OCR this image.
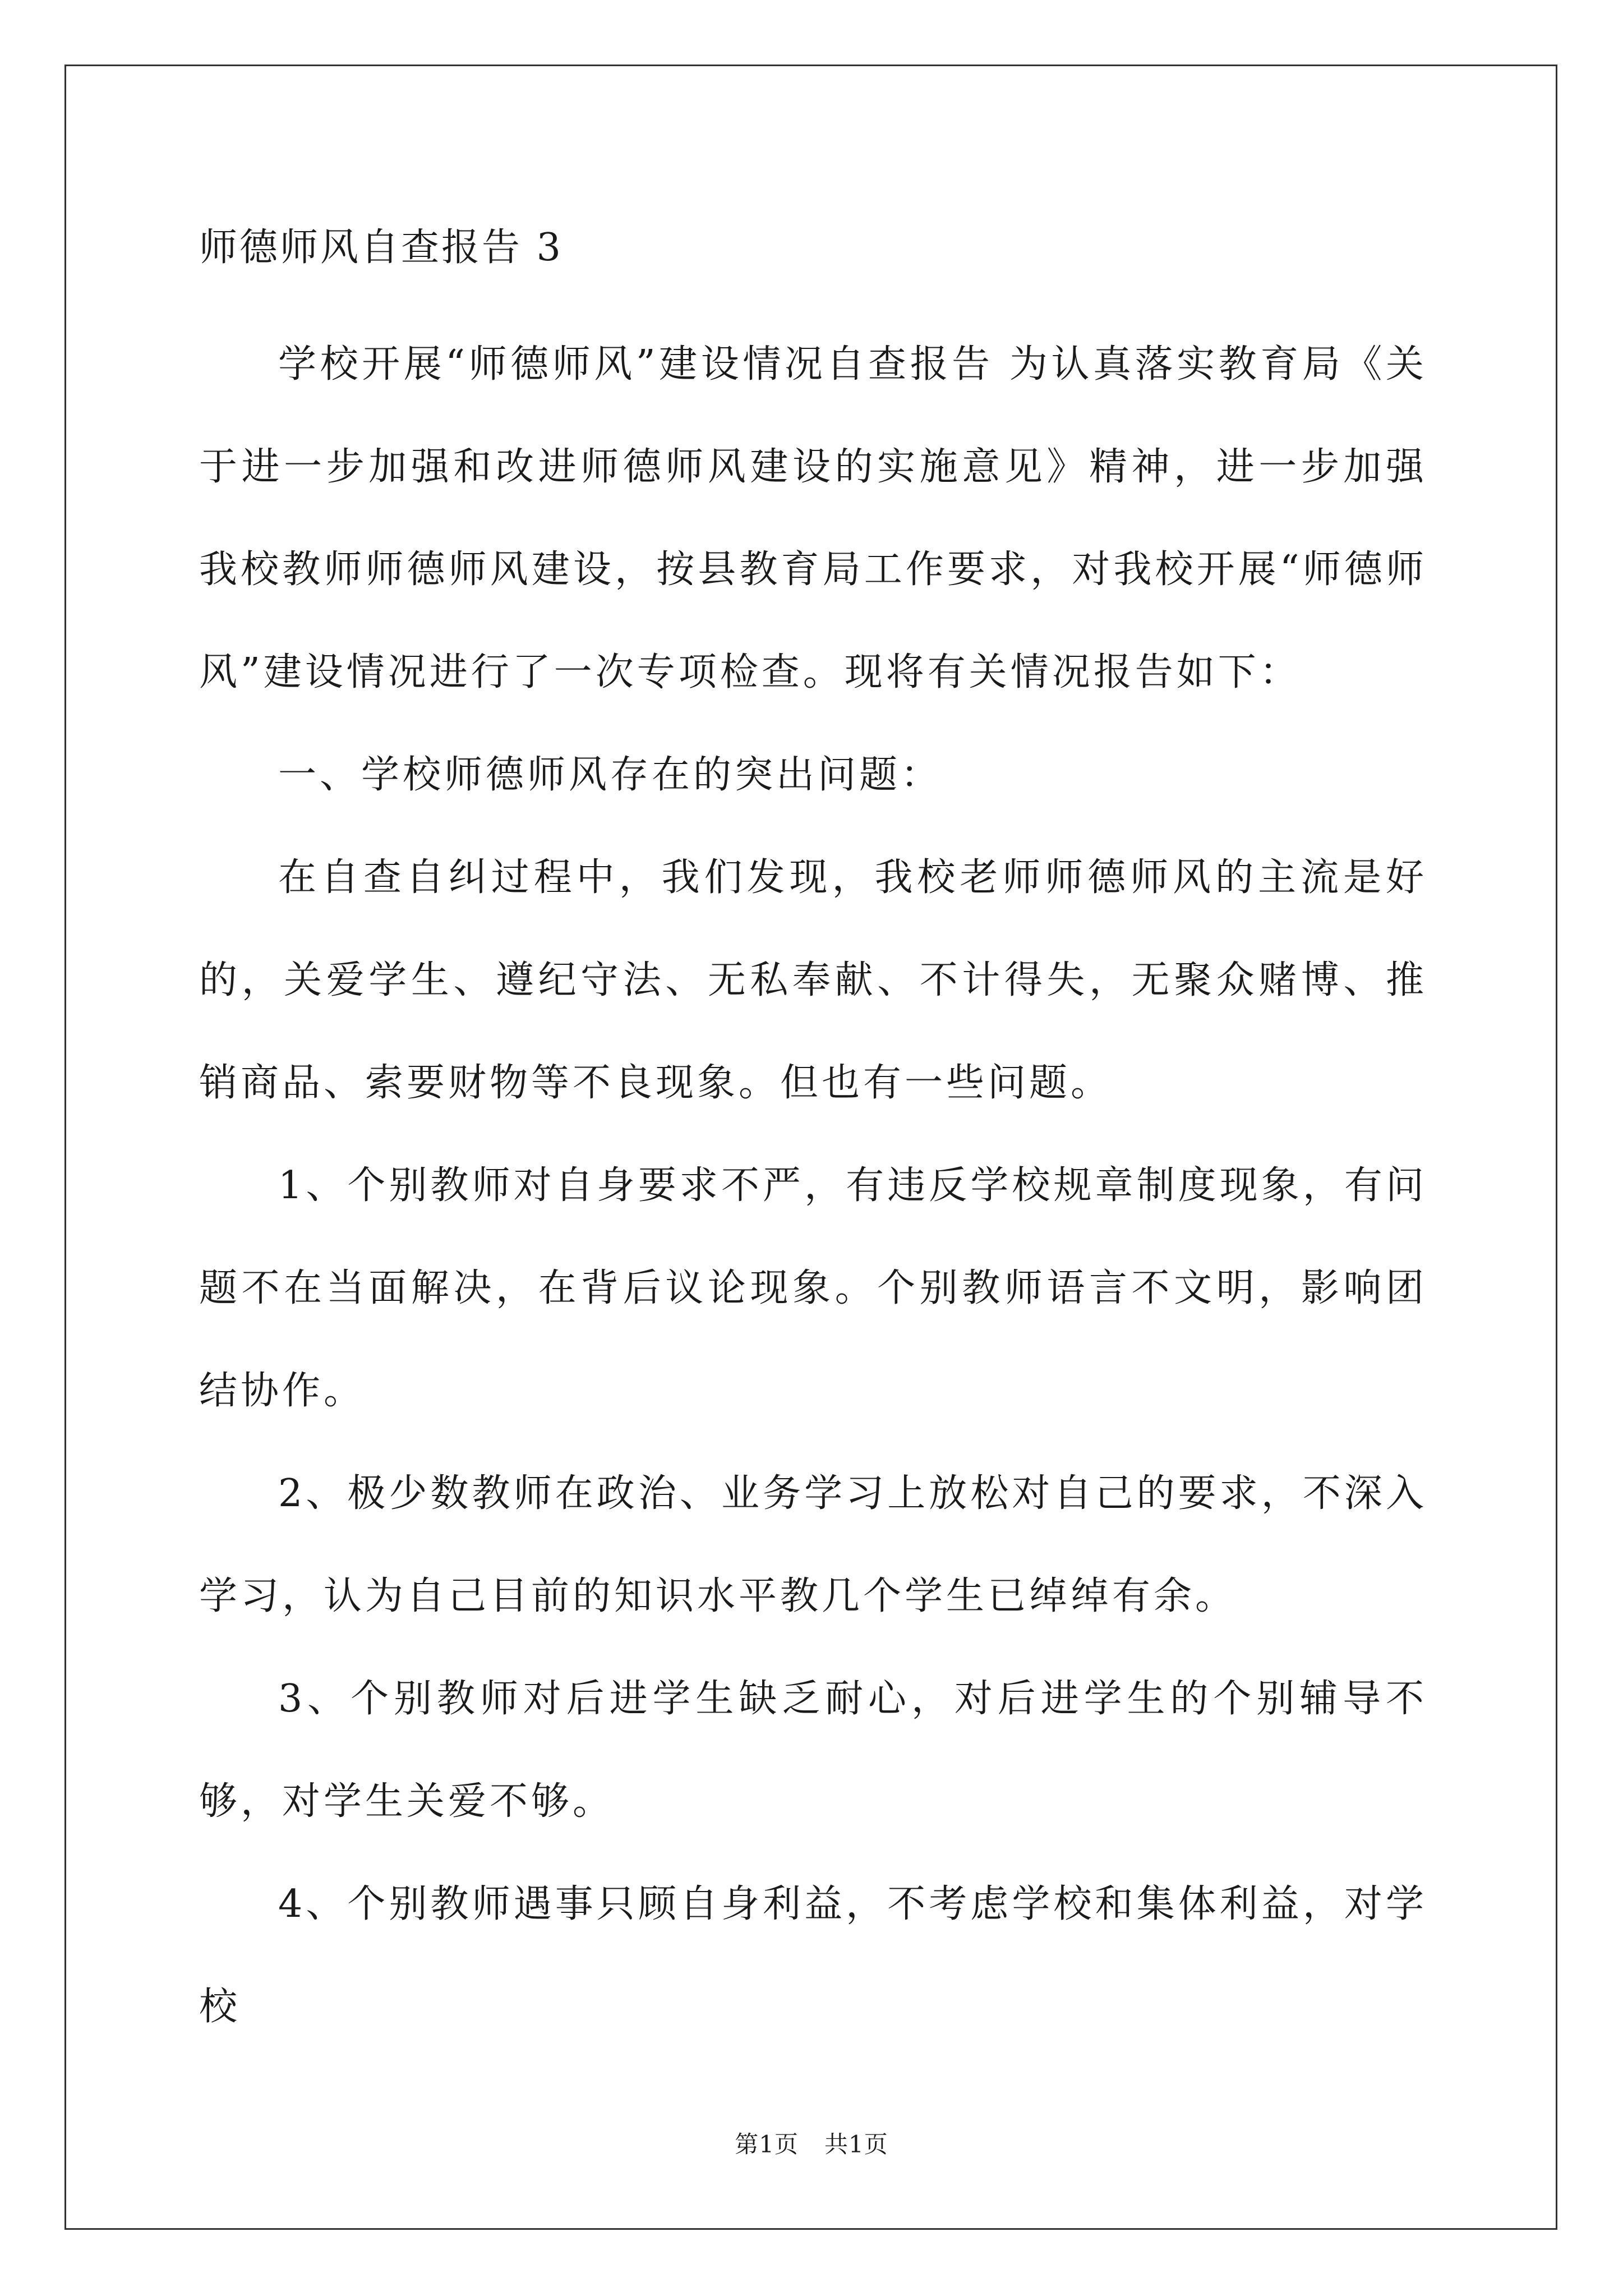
师德师风自查报告 3

学校开展“师德师风”建设情况自查报告 为认真落实教育局《关于进一步加强和改进师德师风建设的实施意见》精神，进一步加强我校教师师德师风建设，按县教育局工作要求，对我校开展“师德师风”建设情况进行了一次专项检查。现将有关情况报告如下：

一、学校师德师风存在的突出问题：

在自查自纠过程中，我们发现，我校老师师德师风的主流是好的，关爱学生、遵纪守法、无私奉献、不计得失，无聚众赌博、推销商品、索要财物等不良现象。但也有一些问题。

1、个别教师对自身要求不严，有违反学校规章制度现象，有问题不在当面解决，在背后议论现象。个别教师语言不文明，影响团结协作。

2、极少数教师在政治、业务学习上放松对自己的要求，不深入学习，认为自己目前的知识水平教几个学生已绰绰有余。

3、个别教师对后进学生缺乏耐心，对后进学生的个别辅导不够，对学生关爱不够。

4、个别教师遇事只顾自身利益，不考虑学校和集体利益，对学校

第1页 共1页
